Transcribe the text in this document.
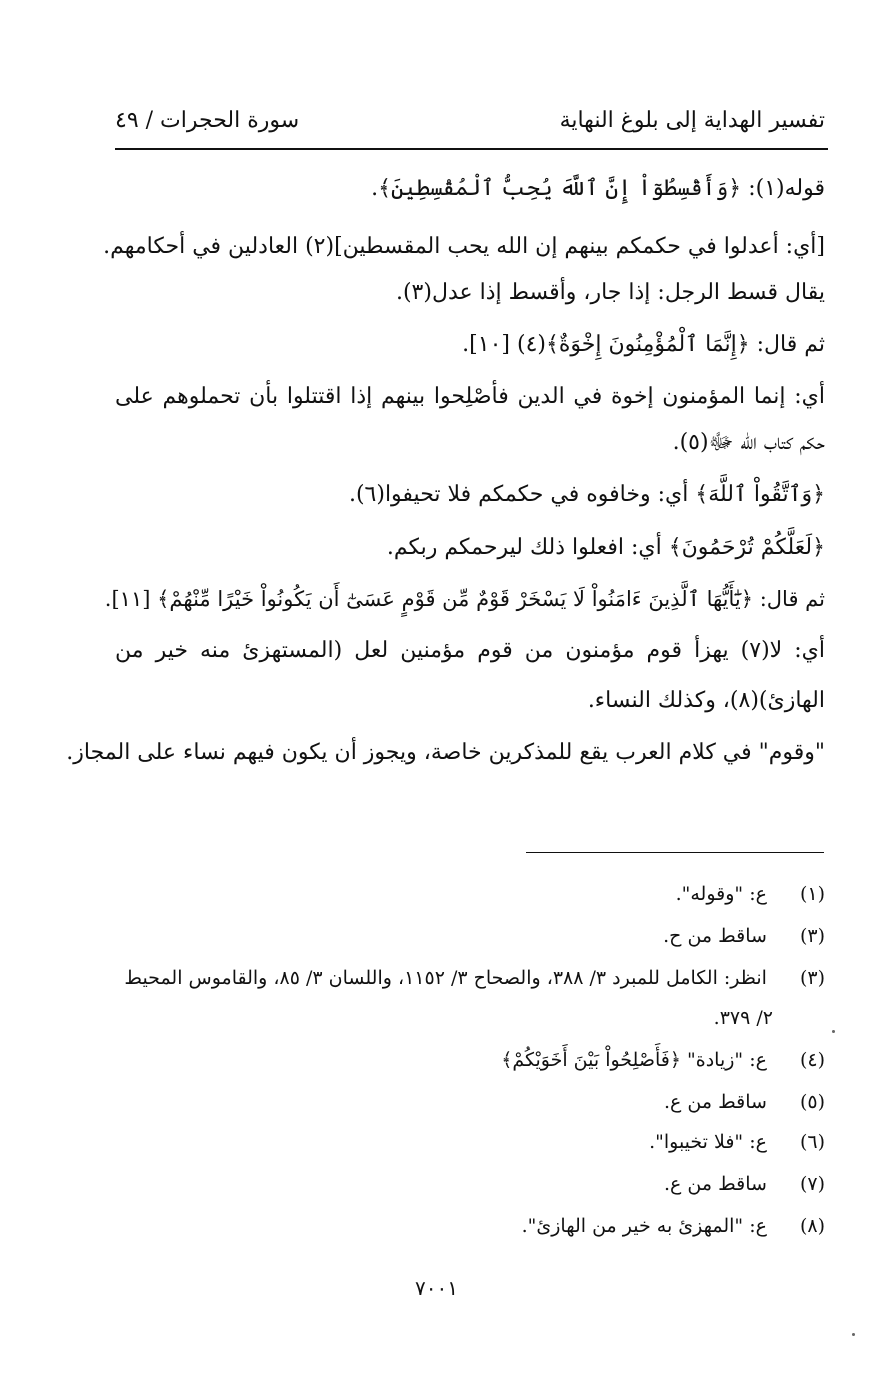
تفسير الهداية إلى بلوغ النهاية
سورة الحجرات / ٤٩
قوله(١): ﴿وَأَقْسِطُوٓاْ إِنَّ ٱللَّهَ يُحِبُّ ٱلْمُقْسِطِينَ﴾.
[أي: أعدلوا في حكمكم بينهم إن الله يحب المقسطين](٢) العادلين في أحكامهم.
يقال قسط الرجل: إذا جار، وأقسط إذا عدل(٣).
ثم قال: ﴿إِنَّمَا ٱلْمُؤْمِنُونَ إِخْوَةٌ﴾(٤) [١٠].
أي: إنما المؤمنون إخوة في الدين فأصْلِحوا بينهم إذا اقتتلوا بأن تحملوهم على
حكم كتاب الله ﷻ(٥).
﴿وَٱتَّقُواْ ٱللَّهَ﴾ أي: وخافوه في حكمكم فلا تحيفوا(٦).
﴿لَعَلَّكُمْ تُرْحَمُونَ﴾ أي: افعلوا ذلك ليرحمكم ربكم.
ثم قال: ﴿يَٰٓأَيُّهَا ٱلَّذِينَ ءَامَنُواْ لَا يَسْخَرْ قَوْمٌ مِّن قَوْمٍ عَسَىٰٓ أَن يَكُونُواْ خَيْرًا مِّنْهُمْ﴾ [١١].
أي: لا(٧) يهزأ قوم مؤمنون من قوم مؤمنين لعل (المستهزئ منه خير من
الهازئ)(٨)، وكذلك النساء.
"وقوم" في كلام العرب يقع للمذكرين خاصة، ويجوز أن يكون فيهم نساء على المجاز.
(١) ع: "وقوله".
(٣) ساقط من ح.
(٣) انظر: الكامل للمبرد ٣/ ٣٨٨، والصحاح ٣/ ١١٥٢، واللسان ٣/ ٨٥، والقاموس المحيط
٢/ ٣٧٩.
(٤) ع: "زيادة" ﴿فَأَصْلِحُواْ بَيْنَ أَخَوَيْكُمْ﴾
(٥) ساقط من ع.
(٦) ع: "فلا تخيبوا".
(٧) ساقط من ع.
(٨) ع: "المهزئ به خير من الهازئ".
٧٠٠١
